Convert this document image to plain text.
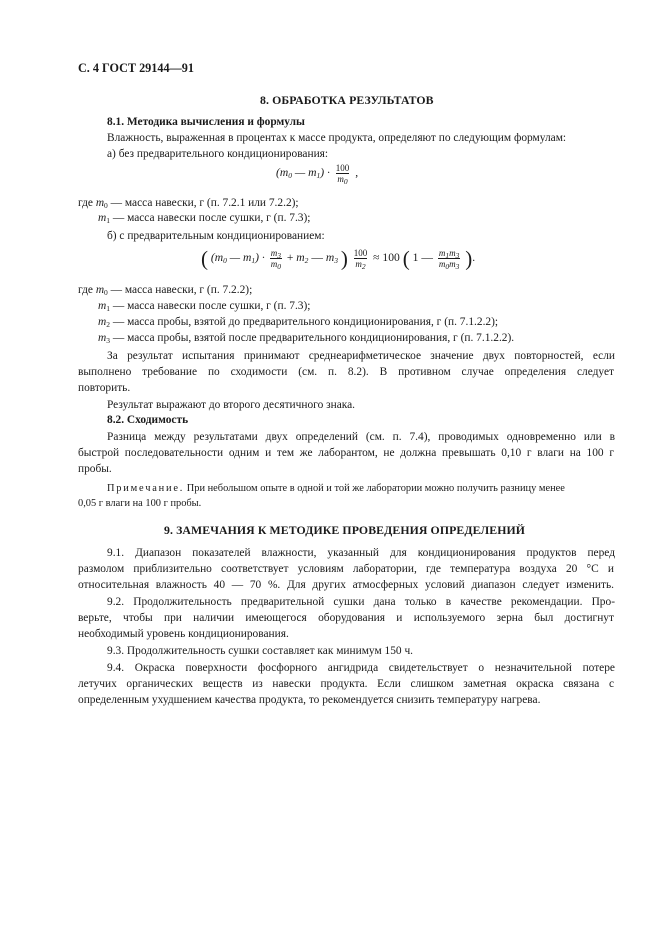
С. 4 ГОСТ 29144—91
8. ОБРАБОТКА РЕЗУЛЬТАТОВ
8.1. Методика вычисления и формулы
Влажность, выраженная в процентах к массе продукта, определяют по следующим формулам:
а) без предварительного кондиционирования:
($m_0$ — $m_1) \cdot \frac{100}{m_0}$ ,
где $m_0$ — масса навески, г (п. 7.2.1 или 7.2.2);
$m_1$ — масса навески после сушки, г (п. 7.3);
б) с предварительным кондиционированием:
( ($m_0$ — $m_1) \cdot \frac{m_3}{m_0} + m_2$ — $m_3$ ) $\frac{100}{m_2} \approx 100$ ( 1 — $\frac{m_1m_3}{m_0m_3}$ ).
где $m_0$ — масса навески, г (п. 7.2.2);
$m_1$ — масса навески после сушки, г (п. 7.3);
$m_2$ — масса пробы, взятой до предварительного кондиционирования, г (п. 7.1.2.2);
$m_3$ — масса пробы, взятой после предварительного кондиционирования, г (п. 7.1.2.2).
За результат испытания принимают среднеарифметическое значение двух повторностей, если
выполнено требование по сходимости (см. п. 8.2). В противном случае определения следует
повторить.
Результат выражают до второго десятичного знака.
8.2. Сходимость
Разница между результатами двух определений (см. п. 7.4), проводимых одновременно или в
быстрой последовательности одним и тем же лаборантом, не должна превышать 0,10 г влаги на 100 г
пробы.
Примечание. При небольшом опыте в одной и той же лаборатории можно получить разницу менее
0,05 г влаги на 100 г пробы.
9. ЗАМЕЧАНИЯ К МЕТОДИКЕ ПРОВЕДЕНИЯ ОПРЕДЕЛЕНИЙ
9.1. Диапазон показателей влажности, указанный для кондиционирования продуктов перед
размолом приблизительно соответствует условиям лаборатории, где температура воздуха 20 °С и
относительная влажность 40 — 70 %. Для других атмосферных условий диапазон следует изменить.
9.2. Продолжительность предварительной сушки дана только в качестве рекомендации. Про-
верьте, чтобы при наличии имеющегося оборудования и используемого зерна был достигнут
необходимый уровень кондиционирования.
9.3. Продолжительность сушки составляет как минимум 150 ч.
9.4. Окраска поверхности фосфорного ангидрида свидетельствует о незначительной потере
летучих органических веществ из навески продукта. Если слишком заметная окраска связана с
определенным ухудшением качества продукта, то рекомендуется снизить температуру нагрева.
